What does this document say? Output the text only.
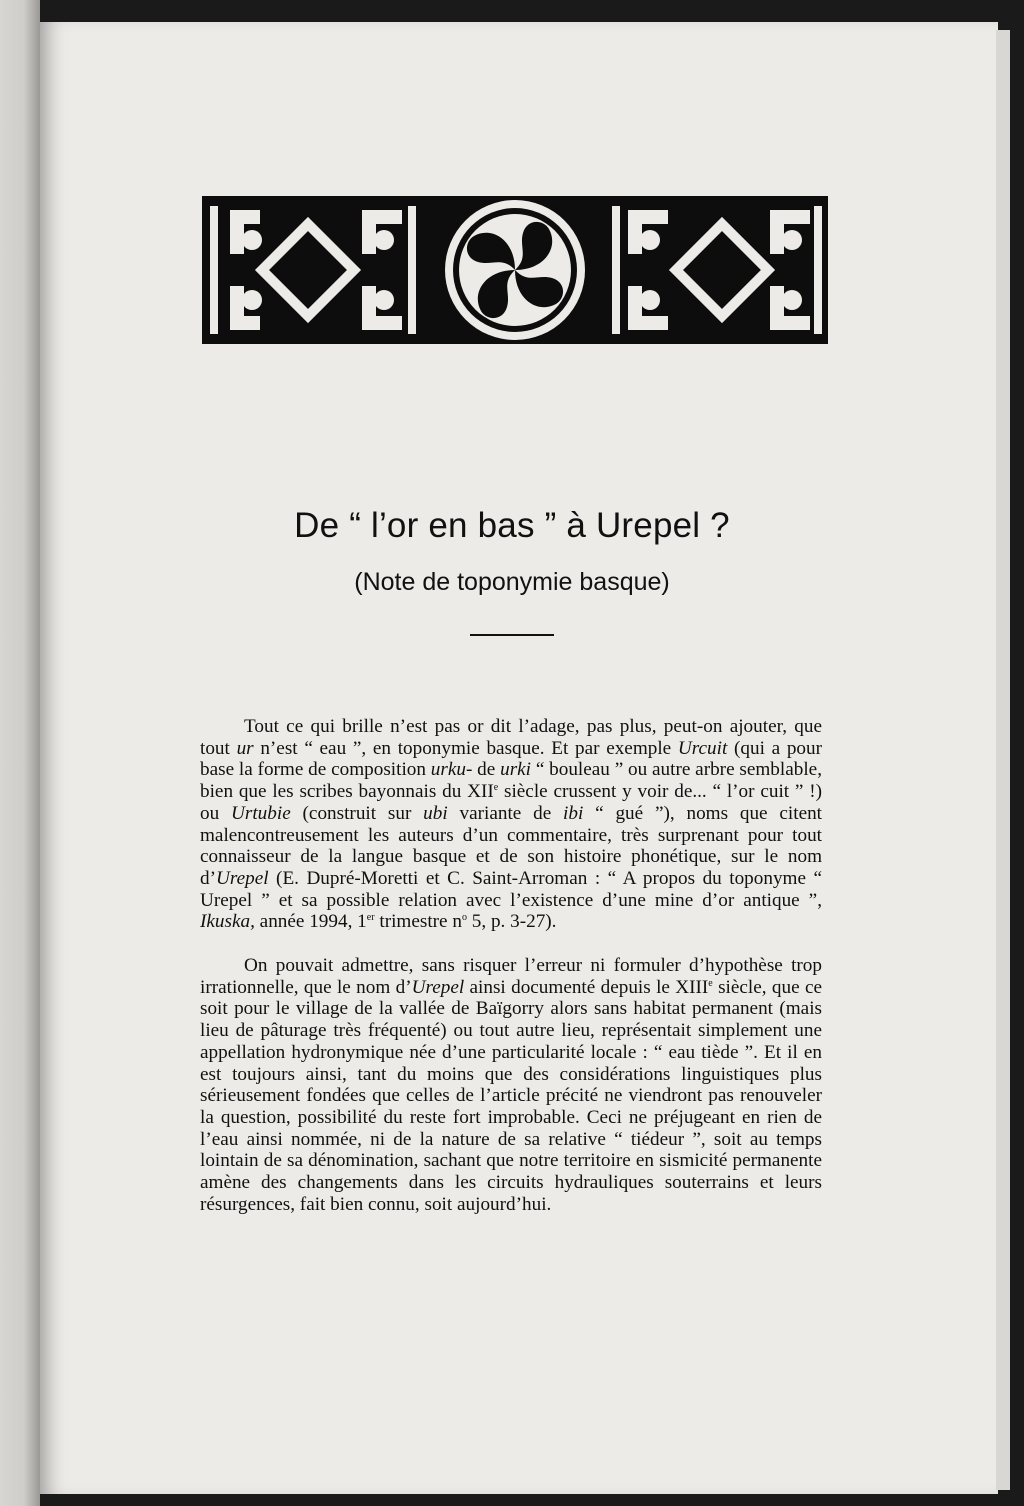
De “ l’or en bas ” à Urepel ?
(Note de toponymie basque)

Tout ce qui brille n’est pas or dit l’adage, pas plus, peut-on ajouter, que tout ur n’est “ eau ”, en toponymie basque. Et par exemple Urcuit (qui a pour base la forme de composition urku- de urki “ bouleau ” ou autre arbre semblable, bien que les scribes bayonnais du XIIe siècle crussent y voir de... “ l’or cuit ” !) ou Urtubie (construit sur ubi variante de ibi “ gué ”), noms que citent malencontreusement les auteurs d’un commentaire, très surprenant pour tout connaisseur de la langue basque et de son histoire phonétique, sur le nom d’Urepel (E. Dupré-Moretti et C. Saint-Arroman : “ A propos du toponyme “ Urepel ” et sa possible relation avec l’existence d’une mine d’or antique ”, Ikuska, année 1994, 1er trimestre $n^o$ 5, p. 3-27).

On pouvait admettre, sans risquer l’erreur ni formuler d’hypothèse trop irrationnelle, que le nom d’Urepel ainsi documenté depuis le XIIIe siècle, que ce soit pour le village de la vallée de Baïgorry alors sans habitat permanent (mais lieu de pâturage très fréquenté) ou tout autre lieu, représentait simplement une appellation hydronymique née d’une particularité locale : “ eau tiède ”. Et il en est toujours ainsi, tant du moins que des considérations linguistiques plus sérieusement fondées que celles de l’article précité ne viendront pas renouveler la question, possibilité du reste fort improbable. Ceci ne préjugeant en rien de l’eau ainsi nommée, ni de la nature de sa relative “ tiédeur ”, soit au temps lointain de sa dénomination, sachant que notre territoire en sismicité permanente amène des changements dans les circuits hydrauliques souterrains et leurs résurgences, fait bien connu, soit aujourd’hui.
